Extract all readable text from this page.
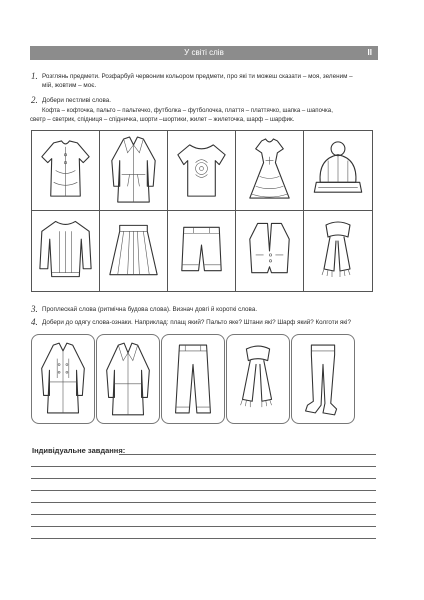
У світі слів	II
1. Розглянь предмети. Розфарбуй червоним кольором предмети, про які ти можеш сказати – моя, зеленим –
мій, жовтим – моє.
2. Добери пестливі слова.
Кофта – кофточка, пальто – пальтечко, футболка – футболочка, плаття – платтячко, шапка – шапочка,
светр – светрик, спідниця – спідничка, шорти –шортики, жилет – жилеточка, шарф – шарфик.
3. Проплескай слова (ритмічна будова слова). Визнач довгі й короткі слова.
4. Добери до одягу слова-ознаки. Наприклад: плащ який? Пальто яке? Штани які? Шарф який? Колготи які?
Індивідуальне завдання:
